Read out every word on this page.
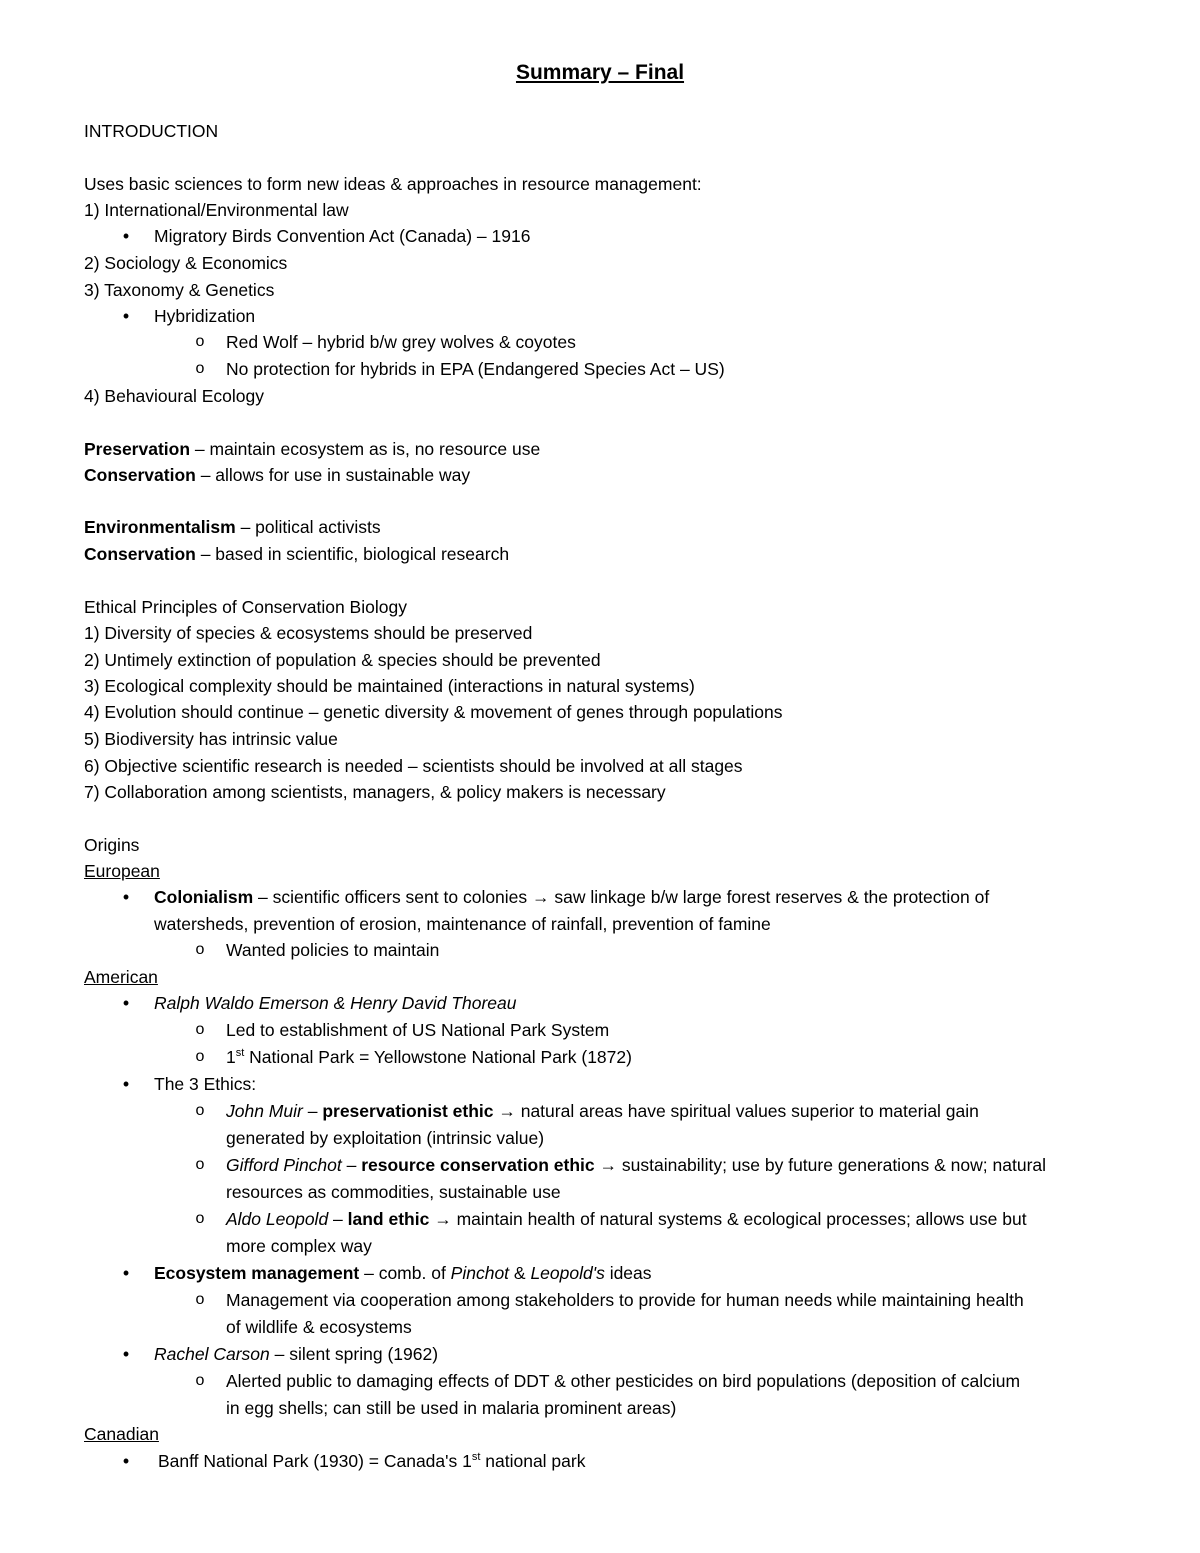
Summary – Final
INTRODUCTION
Uses basic sciences to form new ideas & approaches in resource management:
1) International/Environmental law
•	Migratory Birds Convention Act (Canada) – 1916
2) Sociology & Economics
3) Taxonomy & Genetics
•	Hybridization
o	Red Wolf – hybrid b/w grey wolves & coyotes
o	No protection for hybrids in EPA (Endangered Species Act – US)
4) Behavioural Ecology
Preservation – maintain ecosystem as is, no resource use
Conservation – allows for use in sustainable way
Environmentalism – political activists
Conservation – based in scientific, biological research
Ethical Principles of Conservation Biology
1) Diversity of species & ecosystems should be preserved
2) Untimely extinction of population & species should be prevented
3) Ecological complexity should be maintained (interactions in natural systems)
4) Evolution should continue – genetic diversity & movement of genes through populations
5) Biodiversity has intrinsic value
6) Objective scientific research is needed – scientists should be involved at all stages
7) Collaboration among scientists, managers, & policy makers is necessary
Origins
European
•	Colonialism – scientific officers sent to colonies → saw linkage b/w large forest reserves & the protection of
watersheds, prevention of erosion, maintenance of rainfall, prevention of famine
o	Wanted policies to maintain
American
•	Ralph Waldo Emerson & Henry David Thoreau
o	Led to establishment of US National Park System
o	1st National Park = Yellowstone National Park (1872)
•	The 3 Ethics:
o	John Muir – preservationist ethic → natural areas have spiritual values superior to material gain
generated by exploitation (intrinsic value)
o	Gifford Pinchot – resource conservation ethic → sustainability; use by future generations & now; natural
resources as commodities, sustainable use
o	Aldo Leopold – land ethic → maintain health of natural systems & ecological processes; allows use but
more complex way
•	Ecosystem management – comb. of Pinchot & Leopold's ideas
o	Management via cooperation among stakeholders to provide for human needs while maintaining health
of wildlife & ecosystems
•	Rachel Carson – silent spring (1962)
o	Alerted public to damaging effects of DDT & other pesticides on bird populations (deposition of calcium
in egg shells; can still be used in malaria prominent areas)
Canadian
•	Banff National Park (1930) = Canada's 1st national park
